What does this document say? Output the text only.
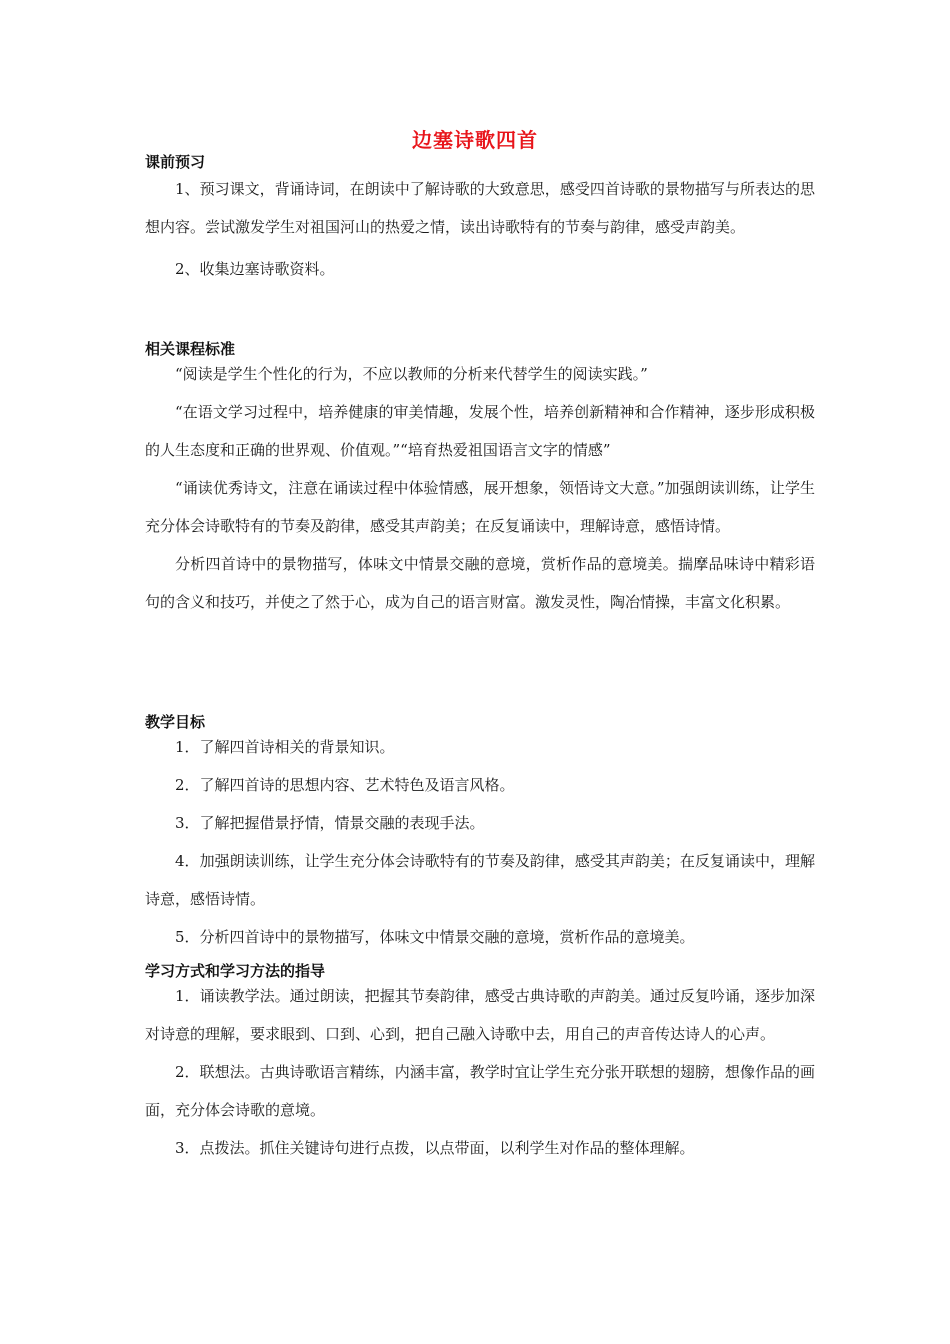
边塞诗歌四首
课前预习

1、预习课文，背诵诗词，在朗读中了解诗歌的大致意思，感受四首诗歌的景物描写与所表达的思想内容。尝试激发学生对祖国河山的热爱之情，读出诗歌特有的节奏与韵律，感受声韵美。

2、收集边塞诗歌资料。

相关课程标准

“阅读是学生个性化的行为，不应以教师的分析来代替学生的阅读实践。”

“在语文学习过程中，培养健康的审美情趣，发展个性，培养创新精神和合作精神，逐步形成积极的人生态度和正确的世界观、价值观。”“培育热爱祖国语言文字的情感”

“诵读优秀诗文，注意在诵读过程中体验情感，展开想象，领悟诗文大意。”加强朗读训练，让学生充分体会诗歌特有的节奏及韵律，感受其声韵美；在反复诵读中，理解诗意，感悟诗情。

分析四首诗中的景物描写，体味文中情景交融的意境，赏析作品的意境美。揣摩品味诗中精彩语句的含义和技巧，并使之了然于心，成为自己的语言财富。激发灵性，陶冶情操，丰富文化积累。

教学目标

1．了解四首诗相关的背景知识。

2．了解四首诗的思想内容、艺术特色及语言风格。

3．了解把握借景抒情，情景交融的表现手法。

4．加强朗读训练，让学生充分体会诗歌特有的节奏及韵律，感受其声韵美；在反复诵读中，理解诗意，感悟诗情。

5．分析四首诗中的景物描写，体味文中情景交融的意境，赏析作品的意境美。

学习方式和学习方法的指导

1．诵读教学法。通过朗读，把握其节奏韵律，感受古典诗歌的声韵美。通过反复吟诵，逐步加深对诗意的理解，要求眼到、口到、心到，把自己融入诗歌中去，用自己的声音传达诗人的心声。

2．联想法。古典诗歌语言精练，内涵丰富，教学时宜让学生充分张开联想的翅膀，想像作品的画面，充分体会诗歌的意境。

3．点拨法。抓住关键诗句进行点拨，以点带面，以利学生对作品的整体理解。
